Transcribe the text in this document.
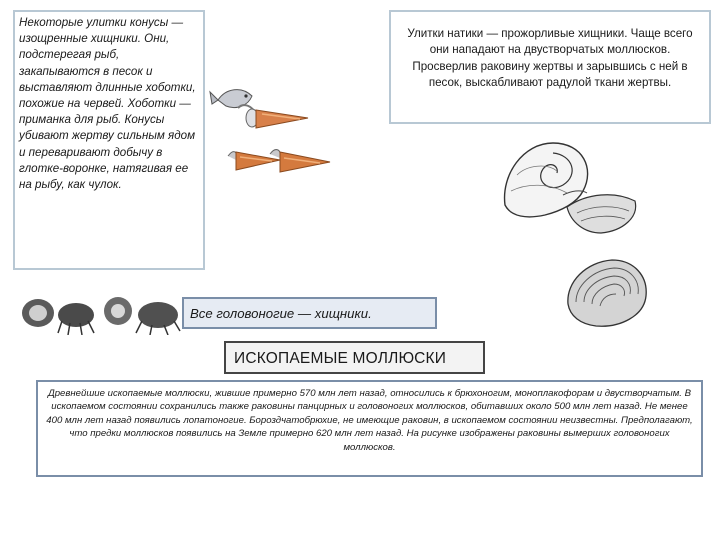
Некоторые улитки конусы — изощренные хищники. Они, подстерегая рыб, закапываются в песок и выставляют длинные хоботки, похожие на червей. Хоботки — приманка для рыб. Конусы убивают жертву сильным ядом и переваривают добычу в глотке-воронке, натягивая ее на рыбу, как чулок.

Улитки натики — прожорливые хищники. Чаще всего они нападают на двустворчатых моллюсков. Просверлив раковину жертвы и зарывшись с ней в песок, выскабливают радулой ткани жертвы.

Все головоногие — хищники.

ИСКОПАЕМЫЕ МОЛЛЮСКИ

Древнейшие ископаемые моллюски, жившие примерно 570 млн лет назад, относились к брюхоногим, моноплакофорам и двустворчатым. В ископаемом состоянии сохранились также раковины панцирных и головоногих моллюсков, обитавших около 500 млн лет назад. Не менее 400 млн лет назад появились лопатоногие. Бороздчатобрюхие, не имеющие раковин, в ископаемом состоянии неизвестны. Предполагают, что предки моллюсков появились на Земле примерно 620 млн лет назад. На рисунке изображены раковины вымерших головоногих моллюсков.
